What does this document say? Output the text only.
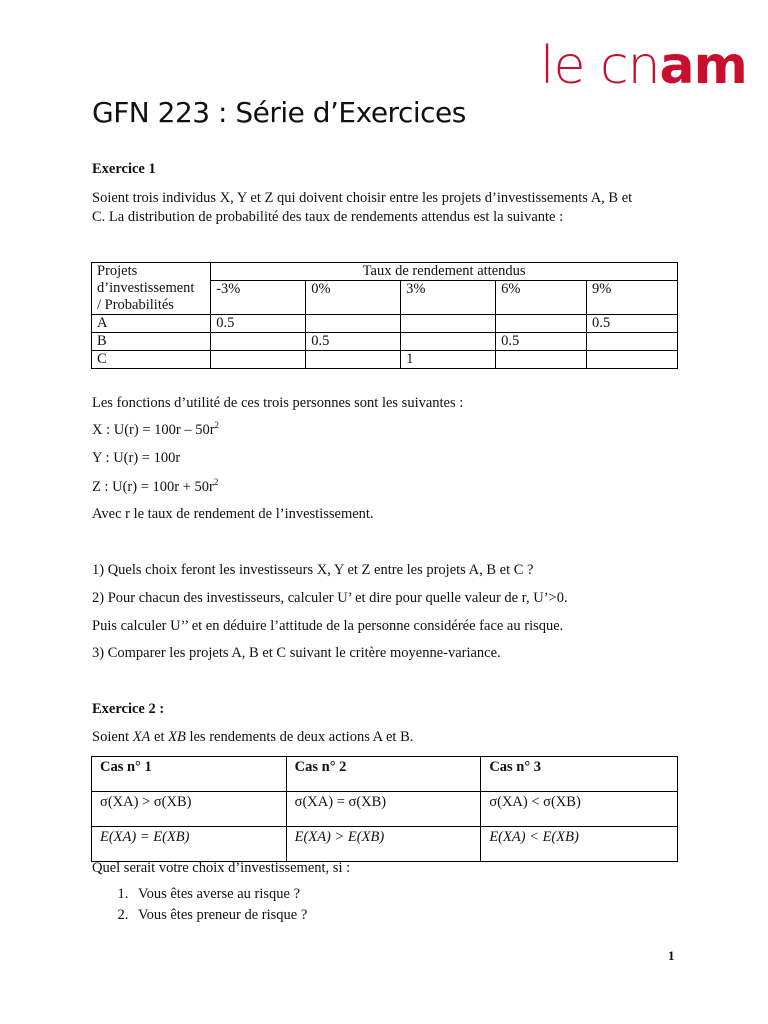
le cnam
GFN 223 : Série d’Exercices
Exercice 1
Soient trois individus X, Y et Z qui doivent choisir entre les projets d’investissements A, B et
C. La distribution de probabilité des taux de rendements attendus est la suivante :
Projets
d’investissement
/ Probabilités	Taux de rendement attendus				
	-3%	0%	3%	6%	9%

A	0.5				0.5
B		0.5		0.5	
C			1		
Les fonctions d’utilité de ces trois personnes sont les suivantes :
X : $U(r) = 100r - 50r^2$
Y : U(r) = 100r
Z : $U(r) = 100r + 50r^2$
Avec r le taux de rendement de l’investissement.
1) Quels choix feront les investisseurs X, Y et Z entre les projets A, B et C ?
2) Pour chacun des investisseurs, calculer U’ et dire pour quelle valeur de r, U’>0.
Puis calculer U’’ et en déduire l’attitude de la personne considérée face au risque.
3) Comparer les projets A, B et C suivant le critère moyenne-variance.
Exercice 2 :
Soient XA et XB les rendements de deux actions A et B.
Cas n° 1	Cas n° 2	Cas n° 3
σ(XA) > σ(XB)	σ(XA) = σ(XB)	σ(XA) < σ(XB)
E(XA) = E(XB)	E(XA) > E(XB)	E(XA) < E(XB)
Quel serait votre choix d’investissement, si :
1. Vous êtes averse au risque ?
2. Vous êtes preneur de risque ?
1
